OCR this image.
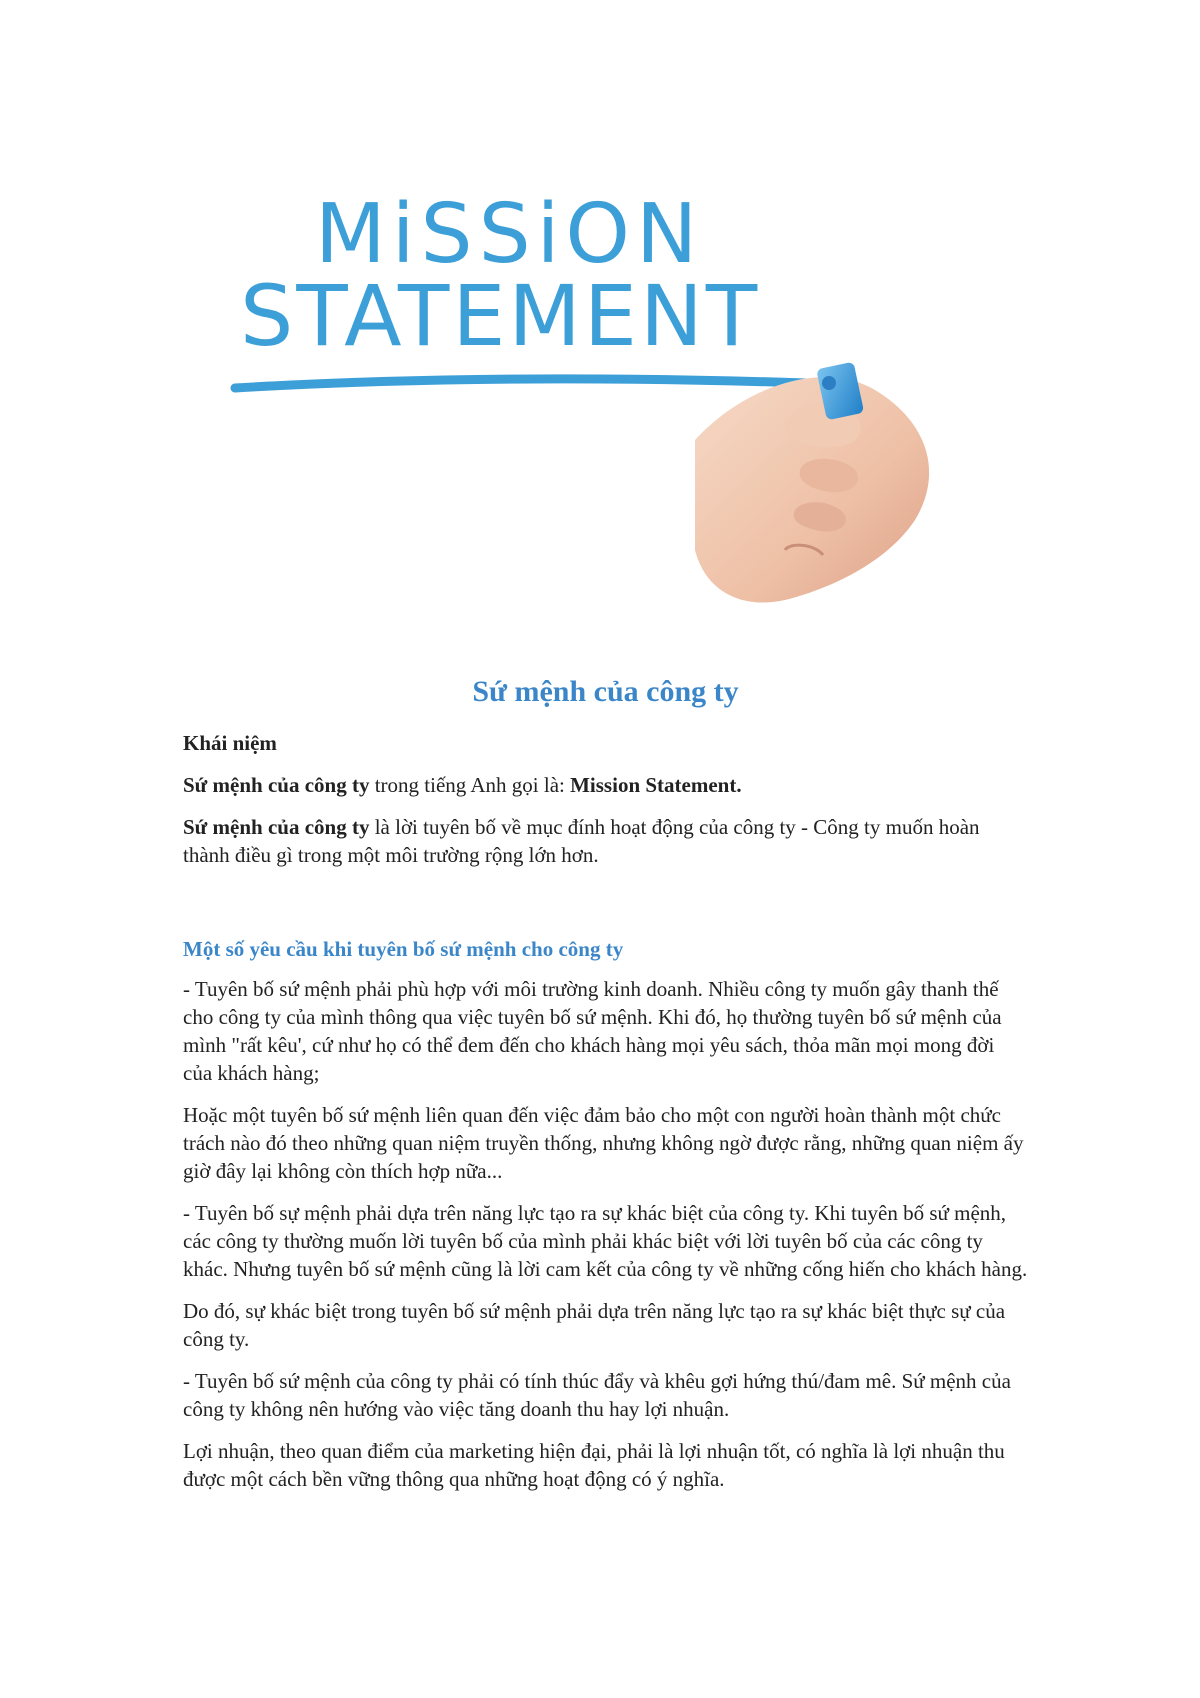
MiSSiON
STATEMENT
Sứ mệnh của công ty
Khái niệm

Sứ mệnh của công ty trong tiếng Anh gọi là: Mission Statement.

Sứ mệnh của công ty là lời tuyên bố về mục đính hoạt động của công ty - Công ty muốn hoàn thành điều gì trong một môi trường rộng lớn hơn.

Một số yêu cầu khi tuyên bố sứ mệnh cho công ty

- Tuyên bố sứ mệnh phải phù hợp với môi trường kinh doanh. Nhiều công ty muốn gây thanh thế cho công ty của mình thông qua việc tuyên bố sứ mệnh. Khi đó, họ thường tuyên bố sứ mệnh của mình "rất kêu', cứ như họ có thể đem đến cho khách hàng mọi yêu sách, thỏa mãn mọi mong đời của khách hàng;

Hoặc một tuyên bố sứ mệnh liên quan đến việc đảm bảo cho một con người hoàn thành một chức trách nào đó theo những quan niệm truyền thống, nhưng không ngờ được rằng, những quan niệm ấy giờ đây lại không còn thích hợp nữa...

- Tuyên bố sự mệnh phải dựa trên năng lực tạo ra sự khác biệt của công ty. Khi tuyên bố sứ mệnh, các công ty thường muốn lời tuyên bố của mình phải khác biệt với lời tuyên bố của các công ty khác. Nhưng tuyên bố sứ mệnh cũng là lời cam kết của công ty về những cống hiến cho khách hàng.

Do đó, sự khác biệt trong tuyên bố sứ mệnh phải dựa trên năng lực tạo ra sự khác biệt thực sự của công ty.

- Tuyên bố sứ mệnh của công ty phải có tính thúc đẩy và khêu gợi hứng thú/đam mê. Sứ mệnh của công ty không nên hướng vào việc tăng doanh thu hay lợi nhuận.

Lợi nhuận, theo quan điểm của marketing hiện đại, phải là lợi nhuận tốt, có nghĩa là lợi nhuận thu được một cách bền vững thông qua những hoạt động có ý nghĩa.
